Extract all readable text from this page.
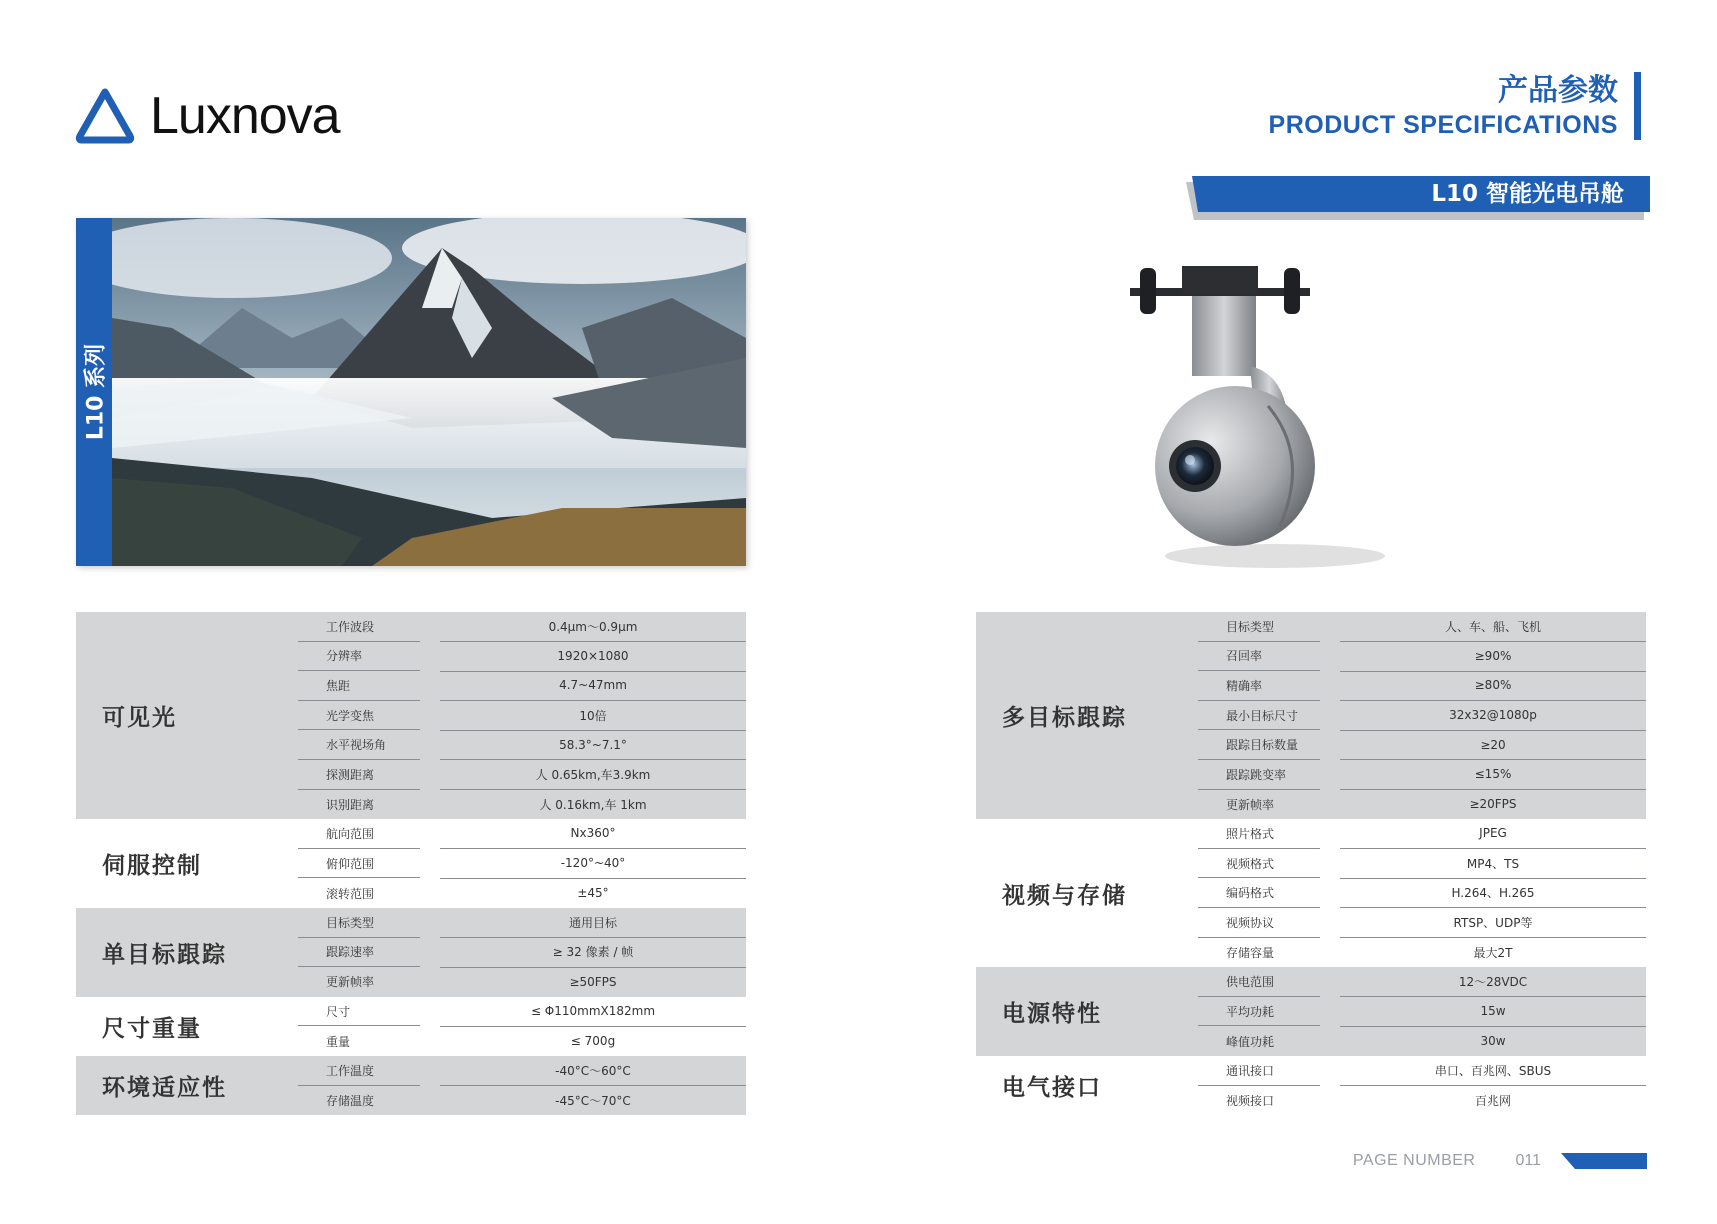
Luxnova	产品参数
PRODUCT SPECIFICATIONS
L10 智能光电吊舱
L10 系列
可见光
工作波段	0.4μm～0.9μm
分辨率	1920×1080
焦距	4.7~47mm
光学变焦	10倍
水平视场角	58.3°~7.1°
探测距离	人 0.65km,车3.9km
识别距离	人 0.16km,车 1km
伺服控制
航向范围	Nx360°
俯仰范围	-120°~40°
滚转范围	±45°
单目标跟踪
目标类型	通用目标
跟踪速率	≥ 32 像素 / 帧
更新帧率	≥50FPS
尺寸重量
尺寸	≤ Φ110mmX182mm
重量	≤ 700g
环境适应性
工作温度	-40°C～60°C
存储温度	-45°C～70°C
多目标跟踪
目标类型	人、车、船、飞机
召回率	≥90%
精确率	≥80%
最小目标尺寸	32x32@1080p
跟踪目标数量	≥20
跟踪跳变率	≤15%
更新帧率	≥20FPS
视频与存储
照片格式	JPEG
视频格式	MP4、TS
编码格式	H.264、H.265
视频协议	RTSP、UDP等
存储容量	最大2T
电源特性
供电范围	12～28VDC
平均功耗	15w
峰值功耗	30w
电气接口
通讯接口	串口、百兆网、SBUS
视频接口	百兆网
PAGE NUMBER	011
